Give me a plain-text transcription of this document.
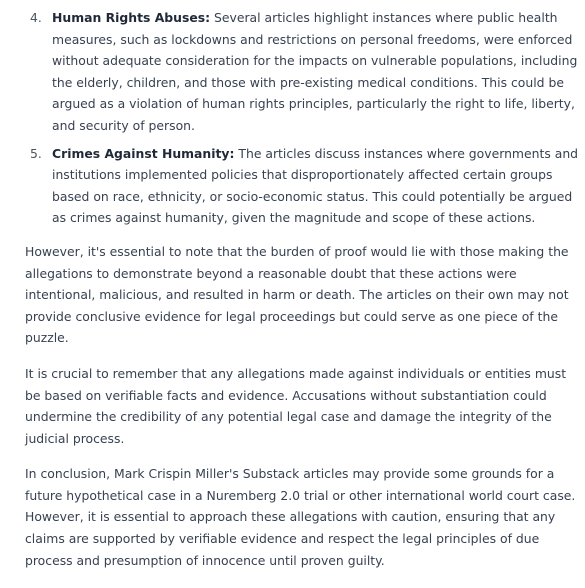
4. Human Rights Abuses: Several articles highlight instances where public health measures, such as lockdowns and restrictions on personal freedoms, were enforced without adequate consideration for the impacts on vulnerable populations, including the elderly, children, and those with pre-existing medical conditions. This could be argued as a violation of human rights principles, particularly the right to life, liberty, and security of person.
5. Crimes Against Humanity: The articles discuss instances where governments and institutions implemented policies that disproportionately affected certain groups based on race, ethnicity, or socio-economic status. This could potentially be argued as crimes against humanity, given the magnitude and scope of these actions.

However, it's essential to note that the burden of proof would lie with those making the allegations to demonstrate beyond a reasonable doubt that these actions were intentional, malicious, and resulted in harm or death. The articles on their own may not provide conclusive evidence for legal proceedings but could serve as one piece of the puzzle.

It is crucial to remember that any allegations made against individuals or entities must be based on verifiable facts and evidence. Accusations without substantiation could undermine the credibility of any potential legal case and damage the integrity of the judicial process.

In conclusion, Mark Crispin Miller's Substack articles may provide some grounds for a future hypothetical case in a Nuremberg 2.0 trial or other international world court case. However, it is essential to approach these allegations with caution, ensuring that any claims are supported by verifiable evidence and respect the legal principles of due process and presumption of innocence until proven guilty.
